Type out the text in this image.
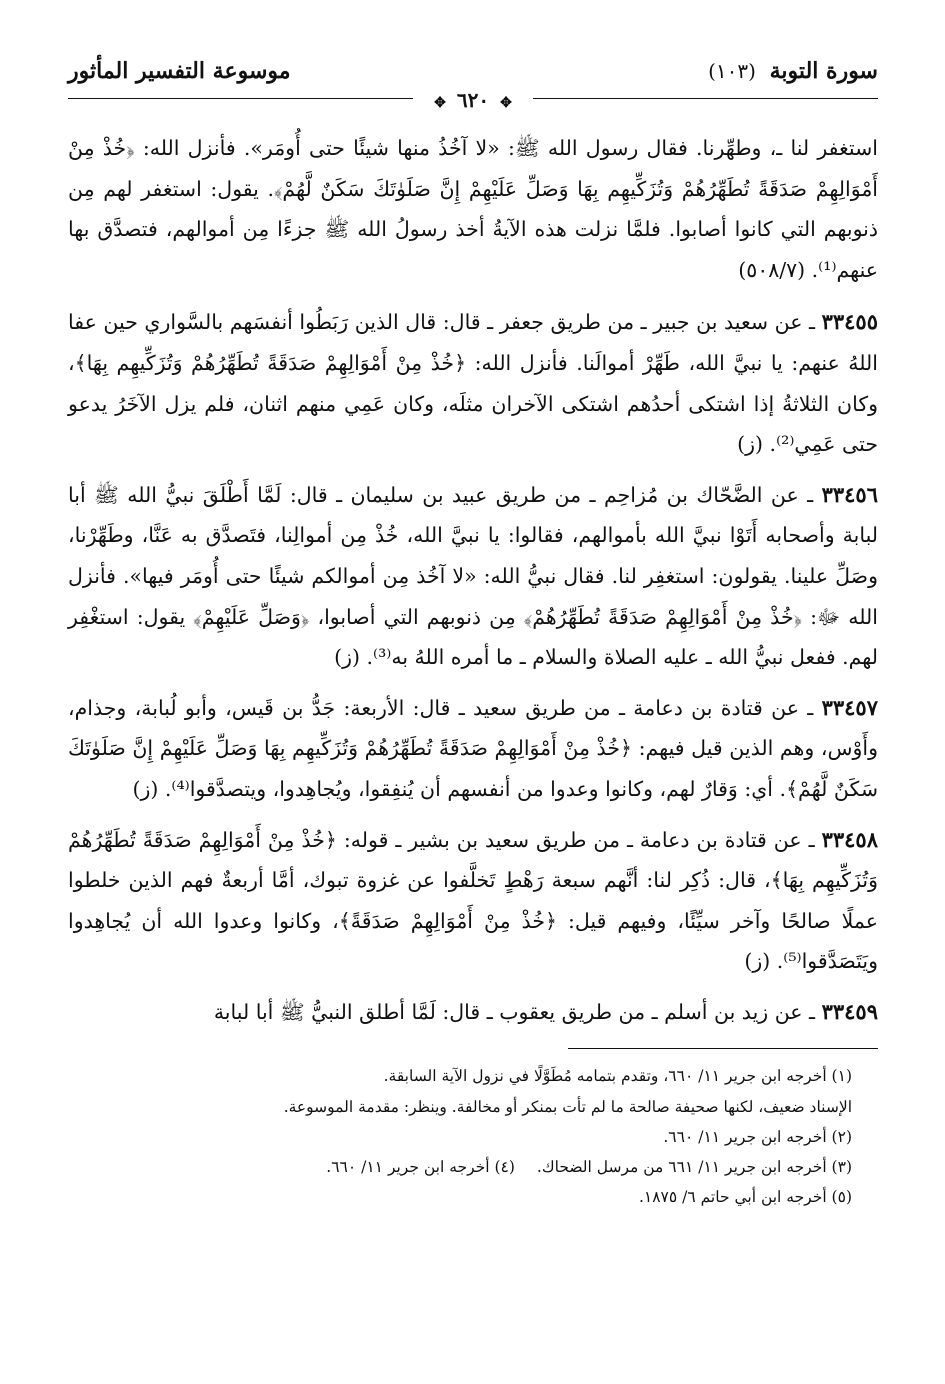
سورة التوبة (١٠٣)
موسوعة التفسير المأثور
✥ ٦٢٠ ✥

استغفر لنا ـ، وطهِّرنا. فقال رسول الله ﷺ: «لا آخُذُ منها شيئًا حتى أُومَر». فأنزل الله: ﴿خُذْ مِنْ أَمْوَالِهِمْ صَدَقَةً تُطَهِّرُهُمْ وَتُزَكِّيهِم بِهَا وَصَلِّ عَلَيْهِمْ إِنَّ صَلَوٰتَكَ سَكَنٌ لَّهُمْ﴾. يقول: استغفر لهم مِن ذنوبهم التي كانوا أصابوا. فلمَّا نزلت هذه الآيةُ أخذ رسولُ الله ﷺ جزءًا مِن أموالهم، فتصدَّق بها عنهم⁽¹⁾. (٥٠٨/٧)

٣٣٤٥٥ ـ عن سعيد بن جبير ـ من طريق جعفر ـ قال: قال الذين رَبَطُوا أنفسَهم بالسَّواري حين عفا اللهُ عنهم: يا نبيَّ الله، طَهِّرْ أموالَنا. فأنزل الله: ﴿خُذْ مِنْ أَمْوَالِهِمْ صَدَقَةً تُطَهِّرُهُمْ وَتُزَكِّيهِم بِهَا﴾، وكان الثلاثةُ إذا اشتكى أحدُهم اشتكى الآخران مثلَه، وكان عَمِي منهم اثنان، فلم يزل الآخَرُ يدعو حتى عَمِي⁽²⁾. (ز)

٣٣٤٥٦ ـ عن الضَّحّاك بن مُزاحِم ـ من طريق عبيد بن سليمان ـ قال: لَمَّا أَطْلَقَ نبيُّ الله ﷺ أبا لبابة وأصحابه أَتَوْا نبيَّ الله بأموالهم، فقالوا: يا نبيَّ الله، خُذْ مِن أموالِنا، فتَصدَّق به عَنَّا، وطَهِّرْنا، وصَلِّ علينا. يقولون: استغفِر لنا. فقال نبيُّ الله: «لا آخُذ مِن أموالكم شيئًا حتى أُومَر فيها». فأنزل الله ﷻ: ﴿خُذْ مِنْ أَمْوَالِهِمْ صَدَقَةً تُطَهِّرُهُمْ﴾ مِن ذنوبهم التي أصابوا، ﴿وَصَلِّ عَلَيْهِمْ﴾ يقول: استغْفِر لهم. ففعل نبيُّ الله ـ عليه الصلاة والسلام ـ ما أمره اللهُ به⁽³⁾. (ز)

٣٣٤٥٧ ـ عن قتادة بن دعامة ـ من طريق سعيد ـ قال: الأربعة: جَدُّ بن قَيس، وأبو لُبابة، وجذام، وأَوْس، وهم الذين قيل فيهم: ﴿خُذْ مِنْ أَمْوَالِهِمْ صَدَقَةً تُطَهِّرُهُمْ وَتُزَكِّيهِم بِهَا وَصَلِّ عَلَيْهِمْ إِنَّ صَلَوٰتَكَ سَكَنٌ لَّهُمْ﴾. أي: وَقارٌ لهم، وكانوا وعدوا من أنفسهم أن يُنفِقوا، ويُجاهِدوا، ويتصدَّقوا⁽⁴⁾. (ز)

٣٣٤٥٨ ـ عن قتادة بن دعامة ـ من طريق سعيد بن بشير ـ قوله: ﴿خُذْ مِنْ أَمْوَالِهِمْ صَدَقَةً تُطَهِّرُهُمْ وَتُزَكِّيهِم بِهَا﴾، قال: ذُكِر لنا: أنَّهم سبعة رَهْطٍ تَخلَّفوا عن غزوة تبوك، أمَّا أربعةٌ فهم الذين خلطوا عملًا صالحًا وآخر سيِّئًا، وفيهم قيل: ﴿خُذْ مِنْ أَمْوَالِهِمْ صَدَقَةً﴾، وكانوا وعدوا الله أن يُجاهِدوا ويَتَصَدَّقوا⁽⁵⁾. (ز)

٣٣٤٥٩ ـ عن زيد بن أسلم ـ من طريق يعقوب ـ قال: لَمَّا أطلق النبيُّ ﷺ أبا لبابة

(١) أخرجه ابن جرير ١١/ ٦٦٠، وتقدم بتمامه مُطَوَّلًا في نزول الآية السابقة.

الإسناد ضعيف، لكنها صحيفة صالحة ما لم تأت بمنكر أو مخالفة. وينظر: مقدمة الموسوعة.

(٢) أخرجه ابن جرير ١١/ ٦٦٠.

(٣) أخرجه ابن جرير ١١/ ٦٦١ من مرسل الضحاك.(٤) أخرجه ابن جرير ١١/ ٦٦٠.

(٥) أخرجه ابن أبي حاتم ٦/ ١٨٧٥.
